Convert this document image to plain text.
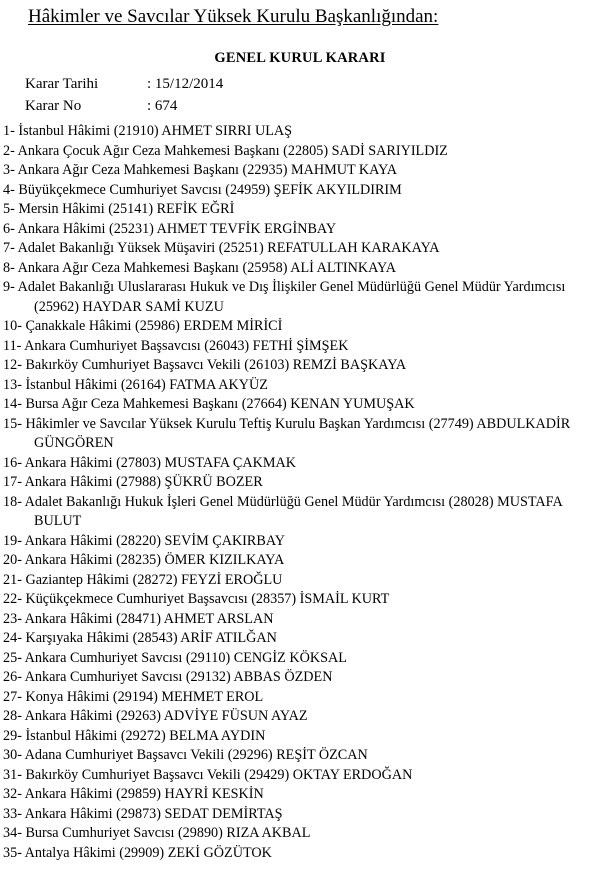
Hâkimler ve Savcılar Yüksek Kurulu Başkanlığından:
GENEL KURUL KARARI
Karar Tarihi	: 15/12/2014
Karar No	: 674
1- İstanbul Hâkimi (21910) AHMET SIRRI ULAŞ
2- Ankara Çocuk Ağır Ceza Mahkemesi Başkanı (22805) SADİ SARIYILDIZ
3- Ankara Ağır Ceza Mahkemesi Başkanı (22935) MAHMUT KAYA
4- Büyükçekmece Cumhuriyet Savcısı (24959) ŞEFİK AKYILDIRIM
5- Mersin Hâkimi (25141) REFİK EĞRİ
6- Ankara Hâkimi (25231) AHMET TEVFİK ERGİNBAY
7- Adalet Bakanlığı Yüksek Müşaviri (25251) REFATULLAH KARAKAYA
8- Ankara Ağır Ceza Mahkemesi Başkanı (25958) ALİ ALTINKAYA
9- Adalet Bakanlığı Uluslararası Hukuk ve Dış İlişkiler Genel Müdürlüğü Genel Müdür Yardımcısı (25962) HAYDAR SAMİ KUZU
10- Çanakkale Hâkimi (25986) ERDEM MİRİCİ
11- Ankara Cumhuriyet Başsavcısı (26043) FETHİ ŞİMŞEK
12- Bakırköy Cumhuriyet Başsavcı Vekili (26103) REMZİ BAŞKAYA
13- İstanbul Hâkimi (26164) FATMA AKYÜZ
14- Bursa Ağır Ceza Mahkemesi Başkanı (27664) KENAN YUMUŞAK
15- Hâkimler ve Savcılar Yüksek Kurulu Teftiş Kurulu Başkan Yardımcısı (27749) ABDULKADİR GÜNGÖREN
16- Ankara Hâkimi (27803) MUSTAFA ÇAKMAK
17- Ankara Hâkimi (27988) ŞÜKRÜ BOZER
18- Adalet Bakanlığı Hukuk İşleri Genel Müdürlüğü Genel Müdür Yardımcısı (28028) MUSTAFA BULUT
19- Ankara Hâkimi (28220) SEVİM ÇAKIRBAY
20- Ankara Hâkimi (28235) ÖMER KIZILKAYA
21- Gaziantep Hâkimi (28272) FEYZİ EROĞLU
22- Küçükçekmece Cumhuriyet Başsavcısı (28357) İSMAİL KURT
23- Ankara Hâkimi (28471) AHMET ARSLAN
24- Karşıyaka Hâkimi (28543) ARİF ATILĞAN
25- Ankara Cumhuriyet Savcısı (29110) CENGİZ KÖKSAL
26- Ankara Cumhuriyet Savcısı (29132) ABBAS ÖZDEN
27- Konya Hâkimi (29194) MEHMET EROL
28- Ankara Hâkimi (29263) ADVİYE FÜSUN AYAZ
29- İstanbul Hâkimi (29272) BELMA AYDIN
30- Adana Cumhuriyet Başsavcı Vekili (29296) REŞİT ÖZCAN
31- Bakırköy Cumhuriyet Başsavcı Vekili (29429) OKTAY ERDOĞAN
32- Ankara Hâkimi (29859) HAYRİ KESKİN
33- Ankara Hâkimi (29873) SEDAT DEMİRTAŞ
34- Bursa Cumhuriyet Savcısı (29890) RIZA AKBAL
35- Antalya Hâkimi (29909) ZEKİ GÖZÜTOK
